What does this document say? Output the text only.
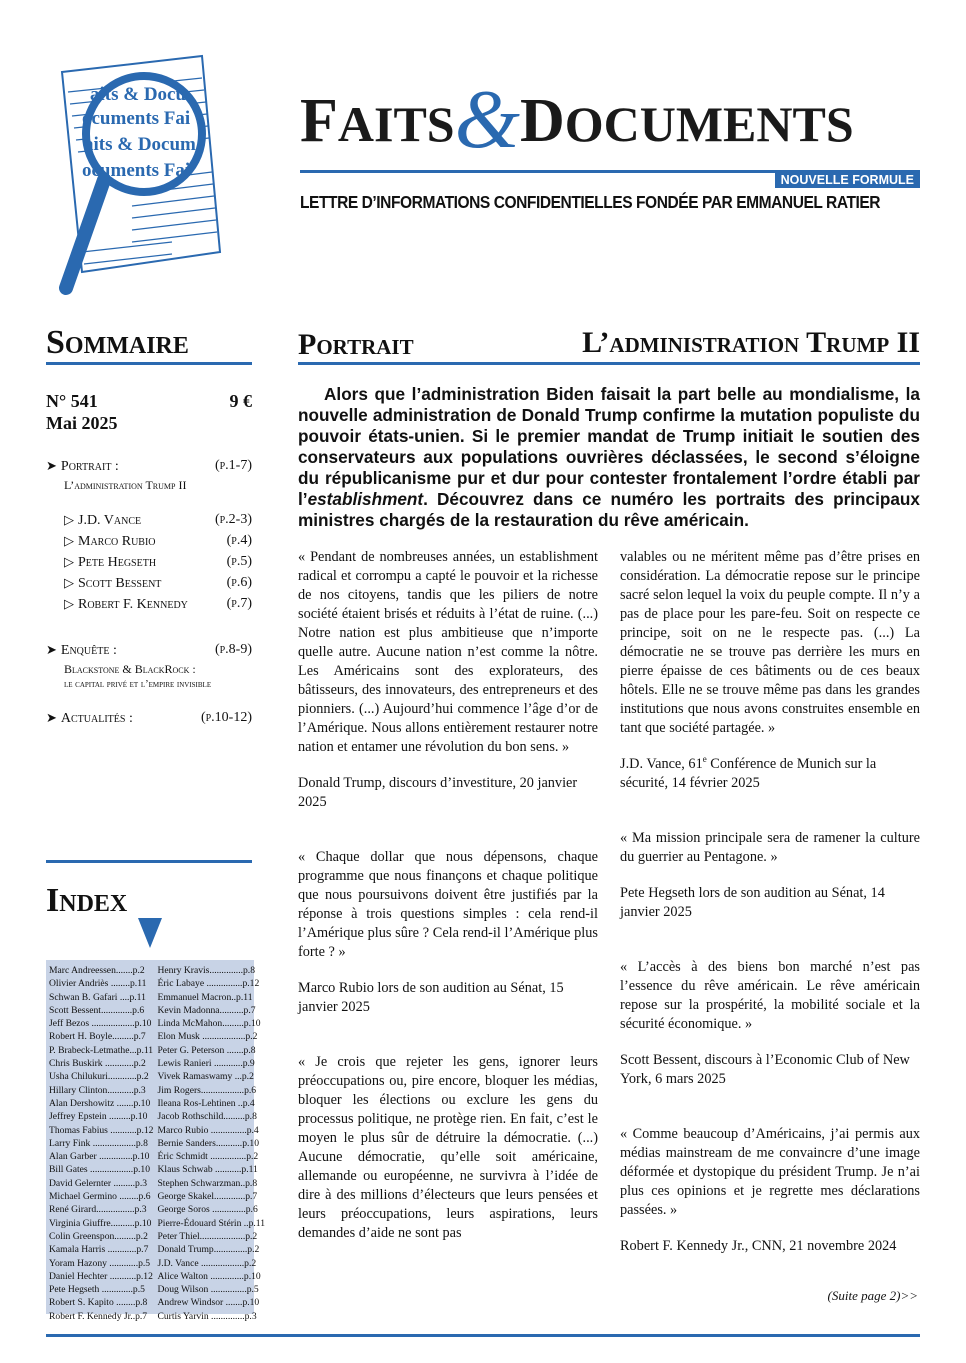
aits & Docu
ocuments Fai
aits & Docum
ocuments Fai
FAITS&DOCUMENTS
NOUVELLE FORMULE
LETTRE D’INFORMATIONS CONFIDENTIELLES FONDÉE PAR EMMANUEL RATIER
Sommaire
N° 541	9 €
Mai 2025
➤ Portrait :	(p.1-7)
L’administration Trump II
▷ J.D. Vance	(p.2-3)
▷ Marco Rubio	(p.4)
▷ Pete Hegseth	(p.5)
▷ Scott Bessent	(p.6)
▷ Robert F. Kennedy	(p.7)
➤ Enquête :	(p.8-9)
Blackstone & BlackRock :
le capital privé et l’empire invisible
➤ Actualités :	(p.10-12)
Index
Marc Andreessen.......p.2
Olivier Andriès ........p.11
Schwan B. Gafari ....p.11
Scott Bessent.............p.6
Jeff Bezos ..................p.10
Robert H. Boyle.........p.7
P. Brabeck-Letmathe...p.11
Chris Buskirk ............p.2
Usha Chilukuri............p.2
Hillary Clinton...........p.3
Alan Dershowitz .......p.10
Jeffrey Epstein .........p.10
Thomas Fabius ...........p.12
Larry Fink ..................p.8
Alan Garber ..............p.10
Bill Gates ..................p.10
David Gelernter .........p.3
Michael Germino ........p.6
René Girard................p.3
Virginia Giuffre..........p.10
Colin Greenspon.........p.2
Kamala Harris ............p.7
Yoram Hazony ............p.5
Daniel Hechter ...........p.12
Pete Hegseth .............p.5
Robert S. Kapito ........p.8
Robert F. Kennedy Jr..p.7
Henry Kravis..............p.8
Éric Labaye ...............p.12
Emmanuel Macron..p.11
Kevin Madonna..........p.7
Linda McMahon.........p.10
Elon Musk ..................p.2
Peter G. Peterson .......p.8
Lewis Ranieri ............p.9
Vivek Ramaswamy ...p.2
Jim Rogers..................p.6
Ileana Ros-Lehtinen ..p.4
Jacob Rothschild.........p.8
Marco Rubio ...............p.4
Bernie Sanders...........p.10
Éric Schmidt ...............p.2
Klaus Schwab ...........p.11
Stephen Schwarzman..p.8
George Skakel.............p.7
George Soros ..............p.6
Pierre-Édouard Stérin ..p.11
Peter Thiel...................p.2
Donald Trump..............p.2
J.D. Vance ..................p.2
Alice Walton ..............p.10
Doug Wilson ...............p.5
Andrew Windsor .......p.10
Curtis Yarvin ..............p.3
Portrait	L’administration Trump II
Alors que l’administration Biden faisait la part belle au mondialisme, la nouvelle administration de Donald Trump confirme la mutation populiste du pouvoir états-unien. Si le premier mandat de Trump initiait le soutien des conservateurs aux populations ouvrières déclassées, le second s’éloigne du républicanisme pur et dur pour contester frontalement l’ordre établi par l’establishment. Découvrez dans ce numéro les portraits des principaux ministres chargés de la restauration du rêve américain.

« Pendant de nombreuses années, un establishment radical et corrompu a capté le pouvoir et la richesse de nos citoyens, tandis que les piliers de notre société étaient brisés et réduits à l’état de ruine. (...) Notre nation est plus ambitieuse que n’importe quelle autre. Aucune nation n’est comme la nôtre. Les Américains sont des explorateurs, des bâtisseurs, des innovateurs, des entrepreneurs et des pionniers. (...) Aujourd’hui commence l’âge d’or de l’Amérique. Nous allons entièrement restaurer notre nation et entamer une révolution du bon sens. »

Donald Trump, discours d’investiture, 20 janvier 2025

« Chaque dollar que nous dépensons, chaque programme que nous finançons et chaque politique que nous poursuivons doivent être justifiés par la réponse à trois questions simples : cela rend-il l’Amérique plus sûre ? Cela rend-il l’Amérique plus forte ? »

Marco Rubio lors de son audition au Sénat, 15 janvier 2025

« Je crois que rejeter les gens, ignorer leurs préoccupations ou, pire encore, bloquer les médias, bloquer les élections ou exclure les gens du processus politique, ne protège rien. En fait, c’est le moyen le plus sûr de détruire la démocratie. (...) Aucune démocratie, qu’elle soit américaine, allemande ou européenne, ne survivra à l’idée de dire à des millions d’électeurs que leurs pensées et leurs préoccupations, leurs aspirations, leurs demandes d’aide ne sont pas

valables ou ne méritent même pas d’être prises en considération. La démocratie repose sur le principe sacré selon lequel la voix du peuple compte. Il n’y a pas de place pour les pare-feu. Soit on respecte ce principe, soit on ne le respecte pas. (...) La démocratie ne se trouve pas derrière les murs en pierre épaisse de ces bâtiments ou de ces beaux hôtels. Elle ne se trouve même pas dans les grandes institutions que nous avons construites ensemble en tant que société partagée. »

J.D. Vance, 61e Conférence de Munich sur la sécurité, 14 février 2025

« Ma mission principale sera de ramener la culture du guerrier au Pentagone. »

Pete Hegseth lors de son audition au Sénat, 14 janvier 2025

« L’accès à des biens bon marché n’est pas l’essence du rêve américain. Le rêve américain repose sur la prospérité, la mobilité sociale et la sécurité économique. »

Scott Bessent, discours à l’Economic Club of New York, 6 mars 2025

« Comme beaucoup d’Américains, j’ai permis aux médias mainstream de me convaincre d’une image déformée et dystopique du président Trump. Je n’ai plus ces opinions et je regrette mes déclarations passées. »

Robert F. Kennedy Jr., CNN, 21 novembre 2024

(Suite page 2)>>
